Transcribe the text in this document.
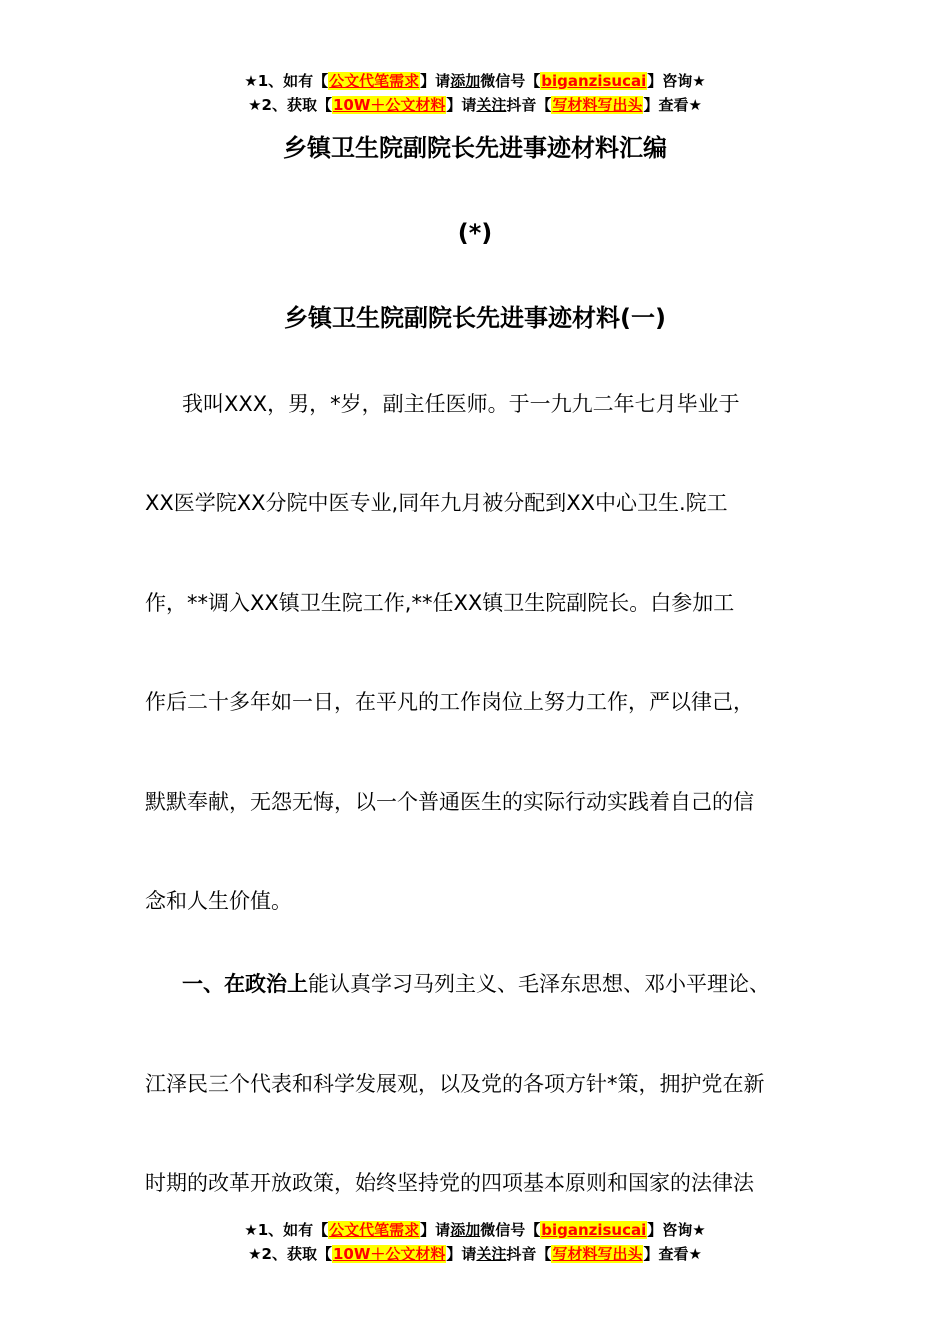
★1、如有【公文代笔需求】请添加微信号【biganzisucai】咨询★
★2、获取【10W＋公文材料】请关注抖音【写材料写出头】查看★
乡镇卫生院副院长先进事迹材料汇编
(*)
乡镇卫生院副院长先进事迹材料(一)
我叫XXX，男，*岁，副主任医师。于一九九二年七月毕业于
XX医学院XX分院中医专业,同年九月被分配到XX中心卫生.院工
作，**调入XX镇卫生院工作,**任XX镇卫生院副院长。白参加工
作后二十多年如一日，在平凡的工作岗位上努力工作，严以律己，
默默奉献，无怨无悔，以一个普通医生的实际行动实践着自己的信
念和人生价值。
一、在政治上能认真学习马列主义、毛泽东思想、邓小平理论、
江泽民三个代表和科学发展观，以及党的各项方针*策，拥护党在新
时期的改革开放政策，始终坚持党的四项基本原则和国家的法律法
★1、如有【公文代笔需求】请添加微信号【biganzisucai】咨询★
★2、获取【10W＋公文材料】请关注抖音【写材料写出头】查看★
